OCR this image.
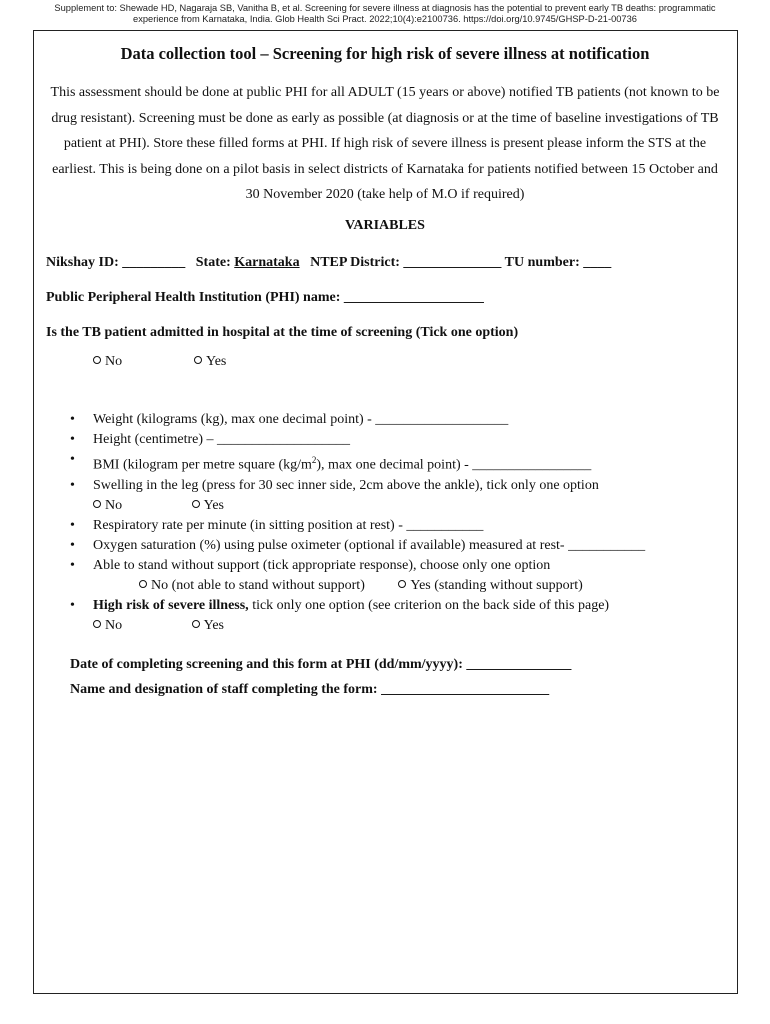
Supplement to: Shewade HD, Nagaraja SB, Vanitha B, et al. Screening for severe illness at diagnosis has the potential to prevent early TB deaths: programmatic
experience from Karnataka, India. Glob Health Sci Pract. 2022;10(4):e2100736. https://doi.org/10.9745/GHSP-D-21-00736
Data collection tool – Screening for high risk of severe illness at notification
This assessment should be done at public PHI for all ADULT (15 years or above) notified TB patients (not known to be drug resistant). Screening must be done as early as possible (at diagnosis or at the time of baseline investigations of TB patient at PHI). Store these filled forms at PHI. If high risk of severe illness is present please inform the STS at the earliest. This is being done on a pilot basis in select districts of Karnataka for patients notified between 15 October and 30 November 2020 (take help of M.O if required)
VARIABLES
Nikshay ID: _________ State: Karnataka NTEP District: ______________ TU number: ____
Public Peripheral Health Institution (PHI) name: ____________________
Is the TB patient admitted in hospital at the time of screening (Tick one option)
No	Yes
• Weight (kilograms (kg), max one decimal point) - ___________________
• Height (centimetre) – ___________________
• BMI (kilogram per metre square $(kg/m^2)$, max one decimal point) - _________________
• Swelling in the leg (press for 30 sec inner side, 2cm above the ankle), tick only one option
No	Yes
• Respiratory rate per minute (in sitting position at rest) - ___________
• Oxygen saturation (%) using pulse oximeter (optional if available) measured at rest- ___________
• Able to stand without support (tick appropriate response), choose only one option
No (not able to stand without support)	Yes (standing without support)
• High risk of severe illness, tick only one option (see criterion on the back side of this page)
No	Yes
Date of completing screening and this form at PHI (dd/mm/yyyy): _______________
Name and designation of staff completing the form: ________________________
